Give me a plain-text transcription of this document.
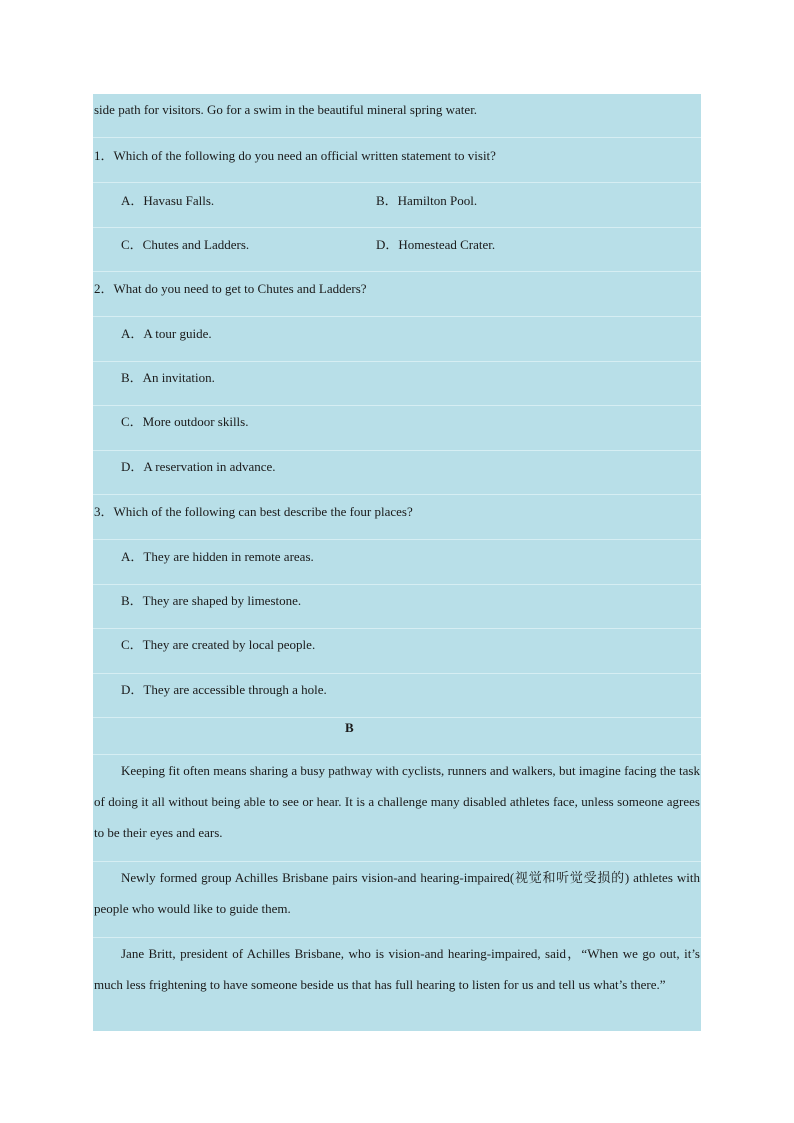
side path for visitors. Go for a swim in the beautiful mineral spring water.
1．Which of the following do you need an official written statement to visit?
A．Havasu Falls.	B．Hamilton Pool.
C．Chutes and Ladders.	D．Homestead Crater.
2．What do you need to get to Chutes and Ladders?
A．A tour guide.
B．An invitation.
C．More outdoor skills.
D．A reservation in advance.
3．Which of the following can best describe the four places?
A．They are hidden in remote areas.
B．They are shaped by limestone.
C．They are created by local people.
D．They are accessible through a hole.
B
Keeping fit often means sharing a busy pathway with cyclists, runners and walkers, but imagine facing the task of doing it all without being able to see or hear. It is a challenge many disabled athletes face, unless someone agrees to be their eyes and ears.
Newly formed group Achilles Brisbane pairs vision-and hearing-impaired(视觉和听觉受损的) athletes with people who would like to guide them.
Jane Britt, president of Achilles Brisbane, who is vision-and hearing-impaired, said，“When we go out, it’s much less frightening to have someone beside us that has full hearing to listen for us and tell us what’s there.”
